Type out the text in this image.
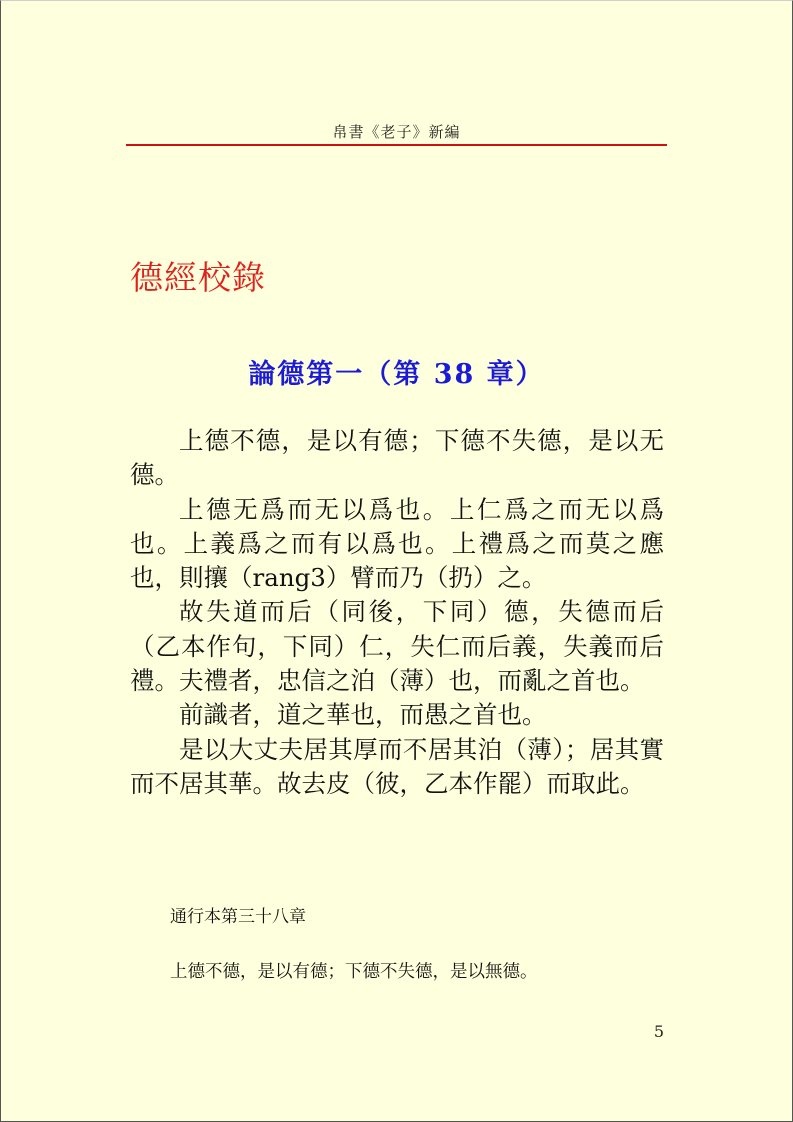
帛書《老子》新編
德經校錄
論德第一（第 38 章）

上德不德，是以有德；下德不失德，是以无德。

上德无爲而无以爲也。上仁爲之而无以爲也。上義爲之而有以爲也。上禮爲之而莫之應也，則攘（rang3）臂而乃（扔）之。

故失道而后（同後，下同）德，失德而后（乙本作句，下同）仁，失仁而后義，失義而后禮。夫禮者，忠信之泊（薄）也，而亂之首也。

前識者，道之華也，而愚之首也。

是以大丈夫居其厚而不居其泊（薄）；居其實而不居其華。故去皮（彼，乙本作罷）而取此。

通行本第三十八章
上德不德，是以有德；下德不失德，是以無德。
5
